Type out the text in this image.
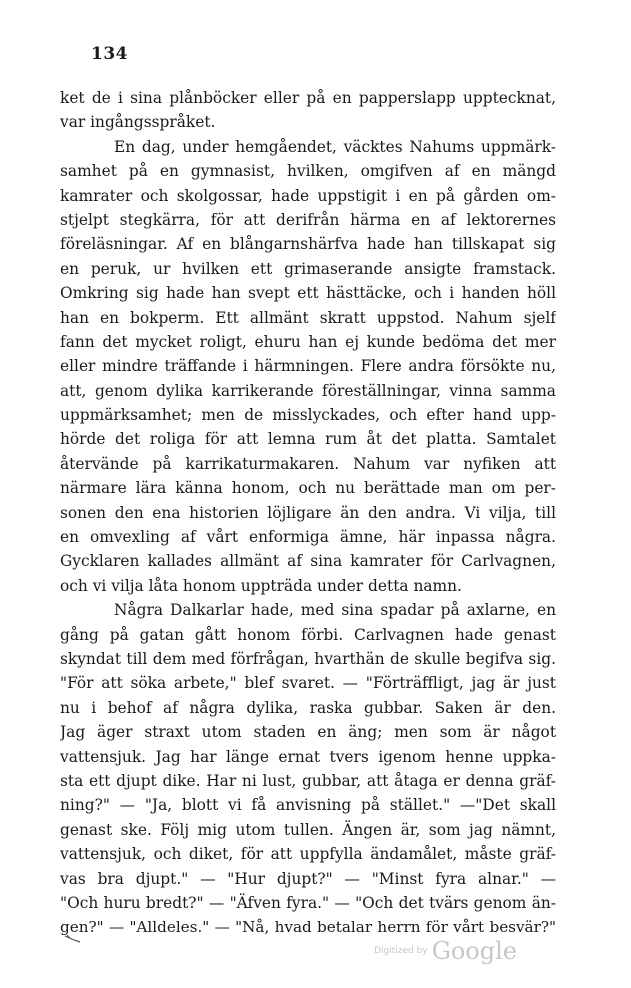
134
ket de i sina plånböcker eller på en papperslapp upptecknat,
var ingångsspråket.
En dag, under hemgåendet, väcktes Nahums uppmärk-
samhet på en gymnasist, hvilken, omgifven af en mängd
kamrater och skolgossar, hade uppstigit i en på gården om-
stjelpt stegkärra, för att derifrån härma en af lektorernes
föreläsningar. Af en blångarnshärfva hade han tillskapat sig
en peruk, ur hvilken ett grimaserande ansigte framstack.
Omkring sig hade han svept ett hästtäcke, och i handen höll
han en bokperm. Ett allmänt skratt uppstod. Nahum sjelf
fann det mycket roligt, ehuru han ej kunde bedöma det mer
eller mindre träffande i härmningen. Flere andra försökte nu,
att, genom dylika karrikerande föreställningar, vinna samma
uppmärksamhet; men de misslyckades, och efter hand upp-
hörde det roliga för att lemna rum åt det platta. Samtalet
återvände på karrikaturmakaren. Nahum var nyfiken att
närmare lära känna honom, och nu berättade man om per-
sonen den ena historien löjligare än den andra. Vi vilja, till
en omvexling af vårt enformiga ämne, här inpassa några.
Gycklaren kallades allmänt af sina kamrater för Carlvagnen,
och vi vilja låta honom uppträda under detta namn.
Några Dalkarlar hade, med sina spadar på axlarne, en
gång på gatan gått honom förbi. Carlvagnen hade genast
skyndat till dem med förfrågan, hvarthän de skulle begifva sig.
"För att söka arbete," blef svaret. — "Förträffligt, jag är just
nu i behof af några dylika, raska gubbar. Saken är den.
Jag äger straxt utom staden en äng; men som är något
vattensjuk. Jag har länge ernat tvers igenom henne uppka-
sta ett djupt dike. Har ni lust, gubbar, att åtaga er denna gräf-
ning?" — "Ja, blott vi få anvisning på stället." —"Det skall
genast ske. Följ mig utom tullen. Ängen är, som jag nämnt,
vattensjuk, och diket, för att uppfylla ändamålet, måste gräf-
vas bra djupt." — "Hur djupt?" — "Minst fyra alnar." —
"Och huru bredt?" — "Äfven fyra." — "Och det tvärs genom än-
gen?" — "Alldeles." — "Nå, hvad betalar herrn för vårt besvär?"
Digitized by Google
